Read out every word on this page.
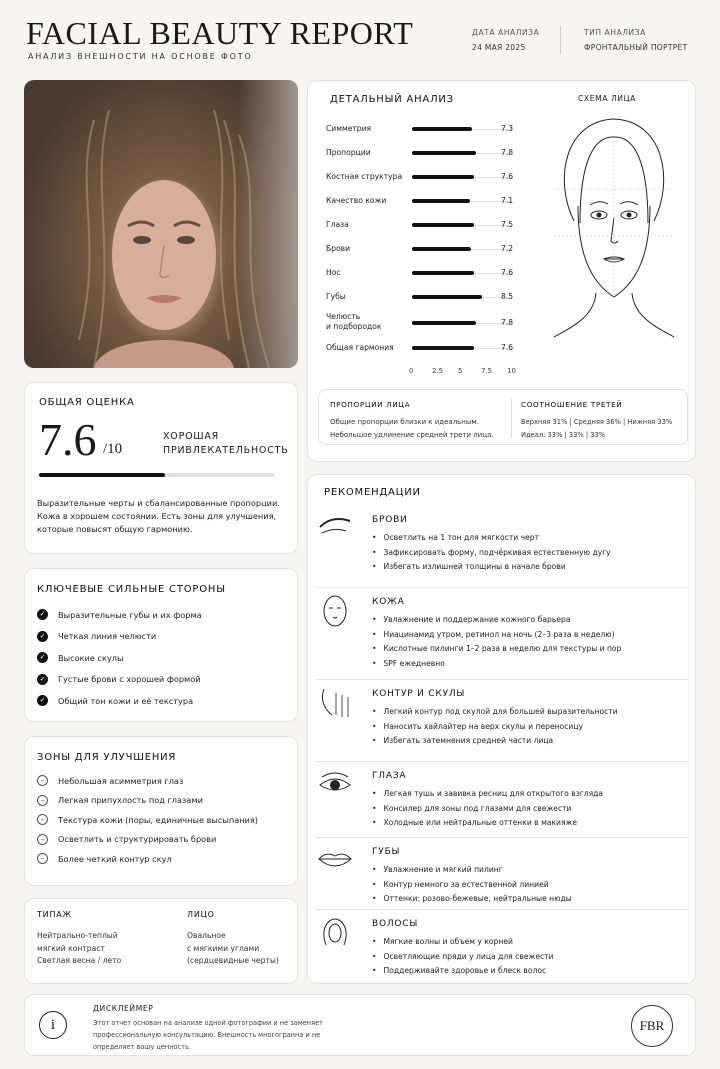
FACIAL BEAUTY REPORT
АНАЛИЗ ВНЕШНОСТИ НА ОСНОВЕ ФОТО
ДАТА АНАЛИЗА
24 МАЯ 2025
ТИП АНАЛИЗА
ФРОНТАЛЬНЫЙ ПОРТРЕТ
ОБЩАЯ ОЦЕНКА
7.6 /10
ХОРОШАЯ
ПРИВЛЕКАТЕЛЬНОСТЬ
Выразительные черты и сбалансированные пропорции. Кожа в хорошем состоянии. Есть зоны для улучшения, которые повысят общую гармонию.
КЛЮЧЕВЫЕ СИЛЬНЫЕ СТОРОНЫ
✓	Выразительные губы и их форма
✓	Четкая линия челюсти
✓	Высокие скулы
✓	Густые брови с хорошей формой
✓	Общий тон кожи и её текстура
ЗОНЫ ДЛЯ УЛУЧШЕНИЯ
–	Небольшая асимметрия глаз
–	Легкая припухлость под глазами
–	Текстура кожи (поры, единичные высыпания)
–	Осветлить и структурировать брови
–	Более четкий контур скул
ТИПАЖ
Нейтрально-теплый
мягкий контраст
Светлая весна / лето
ЛИЦО
Овальное
с мягкими углами
(сердцевидные черты)
ДЕТАЛЬНЫЙ АНАЛИЗ	СХЕМА ЛИЦА
Симметрия	7.3
Пропорции	7.8
Костная структура	7.6
Качество кожи	7.1
Глаза	7.5
Брови	7.2
Нос	7.6
Губы	8.5
Челюсть
и подбородок	7.8
Общая гармония	7.6
0	2.5 5	7.5 10
ПРОПОРЦИИ ЛИЦА
Общие пропорции близки к идеальным.
Небольшое удлинение средней трети лица.
СООТНОШЕНИЕ ТРЕТЕЙ
Верхняя 31% | Средняя 36% | Нижняя 33%
Идеал: 33% | 33% | 33%
РЕКОМЕНДАЦИИ
БРОВИ
• Осветлить на 1 тон для мягкости черт
• Зафиксировать форму, подчёркивая естественную дугу
• Избегать излишней толщины в начале брови
КОЖА
• Увлажнение и поддержание кожного барьера
• Ниацинамид утром, ретинол на ночь (2–3 раза в неделю)
• Кислотные пилинги 1–2 раза в неделю для текстуры и пор
• SPF ежедневно
КОНТУР И СКУЛЫ
• Легкий контур под скулой для большей выразительности
• Наносить хайлайтер на верх скулы и переносицу
• Избегать затемнения средней части лица
ГЛАЗА
• Легкая тушь и завивка ресниц для открытого взгляда
• Консилер для зоны под глазами для свежести
• Холодные или нейтральные оттенки в макияже
ГУБЫ
• Увлажнение и мягкий пилинг
• Контур немного за естественной линией
• Оттенки: розово-бежевые, нейтральные нюды
ВОЛОСЫ
• Мягкие волны и объем у корней
• Осветляющие пряди у лица для свежести
• Поддерживайте здоровье и блеск волос
i
ДИСКЛЕЙМЕР
Этот отчет основан на анализе одной фотографии и не заменяет профессиональную консультацию. Внешность многогранна и не определяет вашу ценность.
FBR
